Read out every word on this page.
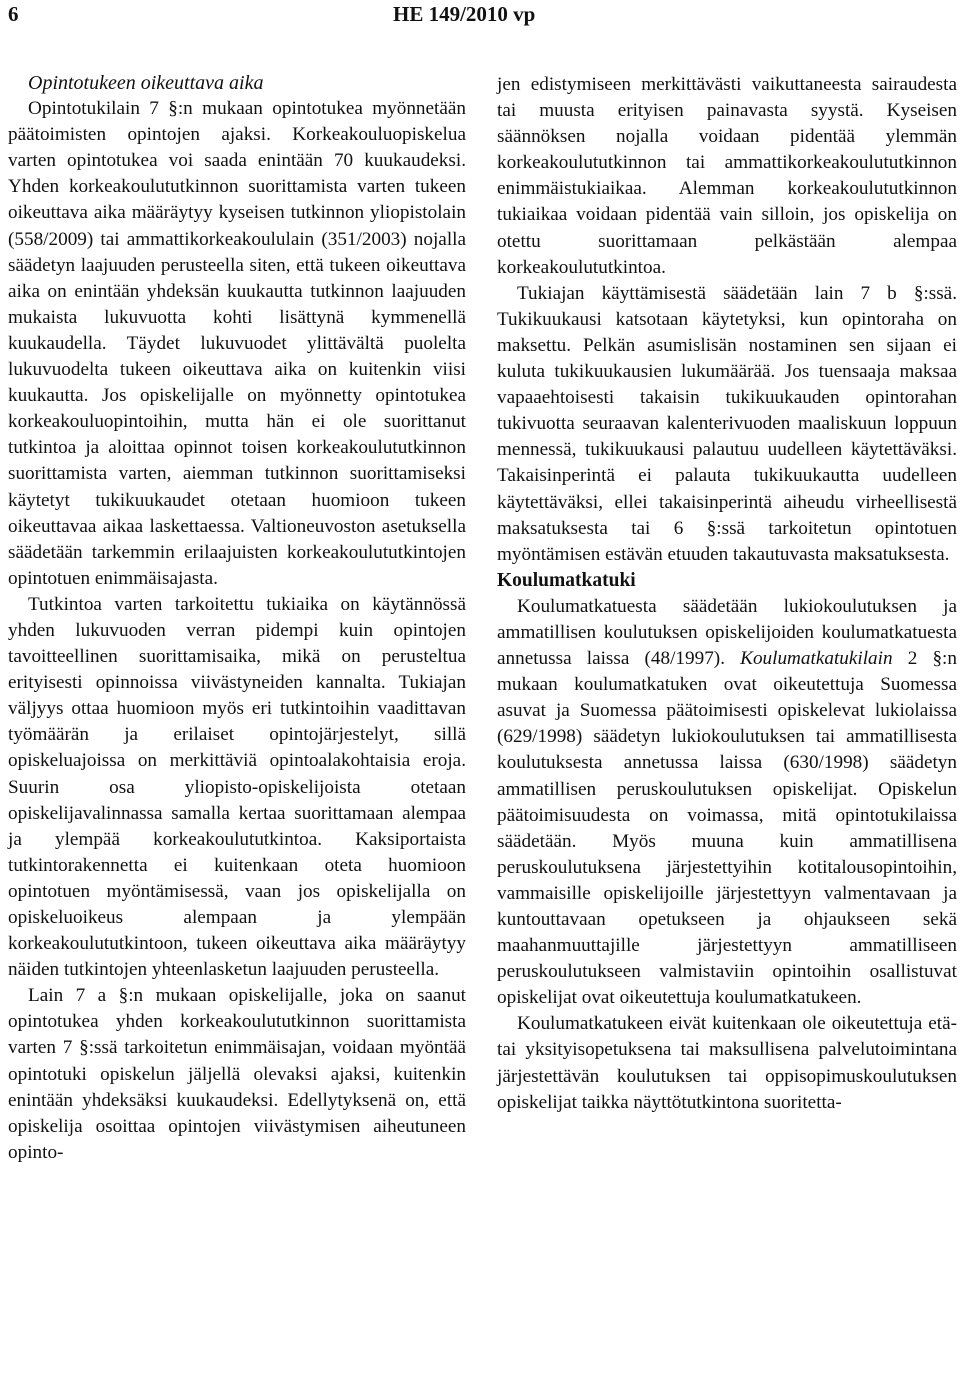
6	HE 149/2010 vp

Opintotukeen oikeuttava aika

Opintotukilain 7 §:n mukaan opintotukea myönnetään päätoimisten opintojen ajaksi. Korkeakouluopiskelua varten opintotukea voi saada enintään 70 kuukaudeksi. Yhden korkeakoulututkinnon suorittamista varten tukeen oikeuttava aika määräytyy kyseisen tutkinnon yliopistolain (558/2009) tai ammattikorkeakoululain (351/2003) nojalla säädetyn laajuuden perusteella siten, että tukeen oikeuttava aika on enintään yhdeksän kuukautta tutkinnon laajuuden mukaista lukuvuotta kohti lisättynä kymmenellä kuukaudella. Täydet lukuvuodet ylittävältä puolelta lukuvuodelta tukeen oikeuttava aika on kuitenkin viisi kuukautta. Jos opiskelijalle on myönnetty opintotukea korkeakouluopintoihin, mutta hän ei ole suorittanut tutkintoa ja aloittaa opinnot toisen korkeakoulututkinnon suorittamista varten, aiemman tutkinnon suorittamiseksi käytetyt tukikuukaudet otetaan huomioon tukeen oikeuttavaa aikaa laskettaessa. Valtioneuvoston asetuksella säädetään tarkemmin erilaajuisten korkeakoulututkintojen opintotuen enimmäisajasta.

Tutkintoa varten tarkoitettu tukiaika on käytännössä yhden lukuvuoden verran pidempi kuin opintojen tavoitteellinen suorittamisaika, mikä on perusteltua erityisesti opinnoissa viivästyneiden kannalta. Tukiajan väljyys ottaa huomioon myös eri tutkintoihin vaadittavan työmäärän ja erilaiset opintojärjestelyt, sillä opiskeluajoissa on merkittäviä opintoalakohtaisia eroja. Suurin osa yliopisto-opiskelijoista otetaan opiskelijavalinnassa samalla kertaa suorittamaan alempaa ja ylempää korkeakoulututkintoa. Kaksiportaista tutkintorakennetta ei kuitenkaan oteta huomioon opintotuen myöntämisessä, vaan jos opiskelijalla on opiskeluoikeus alempaan ja ylempään korkeakoulututkintoon, tukeen oikeuttava aika määräytyy näiden tutkintojen yhteenlasketun laajuuden perusteella.

Lain 7 a §:n mukaan opiskelijalle, joka on saanut opintotukea yhden korkeakoulututkinnon suorittamista varten 7 §:ssä tarkoitetun enimmäisajan, voidaan myöntää opintotuki opiskelun jäljellä olevaksi ajaksi, kuitenkin enintään yhdeksäksi kuukaudeksi. Edellytyksenä on, että opiskelija osoittaa opintojen viivästymisen aiheutuneen opinto-

jen edistymiseen merkittävästi vaikuttaneesta sairaudesta tai muusta erityisen painavasta syystä. Kyseisen säännöksen nojalla voidaan pidentää ylemmän korkeakoulututkinnon tai ammattikorkeakoulututkinnon enimmäistukiaikaa. Alemman korkeakoulututkinnon tukiaikaa voidaan pidentää vain silloin, jos opiskelija on otettu suorittamaan pelkästään alempaa korkeakoulututkintoa.

Tukiajan käyttämisestä säädetään lain 7 b §:ssä. Tukikuukausi katsotaan käytetyksi, kun opintoraha on maksettu. Pelkän asumislisän nostaminen sen sijaan ei kuluta tukikuukausien lukumäärää. Jos tuensaaja maksaa vapaaehtoisesti takaisin tukikuukauden opintorahan tukivuotta seuraavan kalenterivuoden maaliskuun loppuun mennessä, tukikuukausi palautuu uudelleen käytettäväksi. Takaisinperintä ei palauta tukikuukautta uudelleen käytettäväksi, ellei takaisinperintä aiheudu virheellisestä maksatuksesta tai 6 §:ssä tarkoitetun opintotuen myöntämisen estävän etuuden takautuvasta maksatuksesta.

Koulumatkatuki

Koulumatkatuesta säädetään lukiokoulutuksen ja ammatillisen koulutuksen opiskelijoiden koulumatkatuesta annetussa laissa (48/1997). Koulumatkatukilain 2 §:n mukaan koulumatkatuken ovat oikeutettuja Suomessa asuvat ja Suomessa päätoimisesti opiskelevat lukiolaissa (629/1998) säädetyn lukiokoulutuksen tai ammatillisesta koulutuksesta annetussa laissa (630/1998) säädetyn ammatillisen peruskoulutuksen opiskelijat. Opiskelun päätoimisuudesta on voimassa, mitä opintotukilaissa säädetään. Myös muuna kuin ammatillisena peruskoulutuksena järjestettyihin kotitalousopintoihin, vammaisille opiskelijoille järjestettyyn valmentavaan ja kuntouttavaan opetukseen ja ohjaukseen sekä maahanmuuttajille järjestettyyn ammatilliseen peruskoulutukseen valmistaviin opintoihin osallistuvat opiskelijat ovat oikeutettuja koulumatkatukeen.

Koulumatkatukeen eivät kuitenkaan ole oikeutettuja etä- tai yksityisopetuksena tai maksullisena palvelutoimintana järjestettävän koulutuksen tai oppisopimuskoulutuksen opiskelijat taikka näyttötutkintona suoritetta-
